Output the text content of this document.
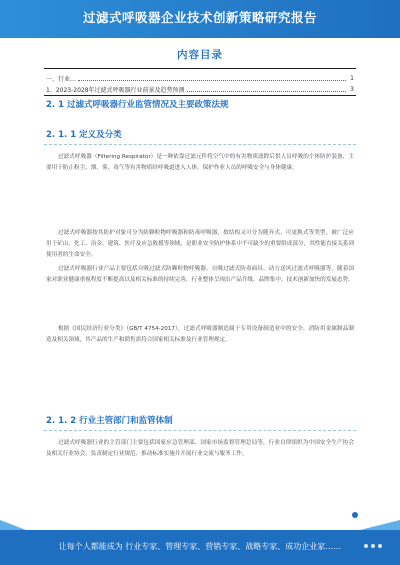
过滤式呼吸器企业技术创新策略研究报告
内容目录
一、行业…	1
1、2023-2028年过滤式呼吸器行业前景及趋势预测	3
2. 1 过滤式呼吸器行业监管情况及主要政策法规
2. 1. 1 定义及分类

过滤式呼吸器（Filtering Respirator）是一种依靠过滤元件将空气中的有害物质滤除后供人员呼吸的个体防护装备，主要用于防止粉尘、烟、雾、毒气等有害物质经呼吸道进入人体，保护作业人员的呼吸安全与身体健康。

过滤式呼吸器按其防护对象可分为防颗粒物呼吸器和防毒呼吸器，按结构又可分为随弃式、可更换式等类型，被广泛应用于矿山、化工、冶金、建筑、医疗及应急救援等领域，是职业安全防护体系中不可缺少的重要组成部分，其性能直接关系到使用者的生命安全。

过滤式呼吸器行业产品主要包括自吸过滤式防颗粒物呼吸器、自吸过滤式防毒面具、动力送风过滤式呼吸器等。随着国家对职业健康重视程度不断提高以及相关标准的持续完善，行业整体呈现出产品升级、品牌集中、技术创新加快的发展态势。

根据《国民经济行业分类》（GB/T 4754-2017），过滤式呼吸器制造属于专用设备制造业中的安全、消防用金属制品制造及相关领域，其产品的生产和销售需符合国家相关标准及行业管理规定。

2. 1. 2 行业主管部门和监管体制

过滤式呼吸器行业的主管部门主要包括国家应急管理部、国家市场监督管理总局等，行业自律组织为中国安全生产协会及相关行业协会，负责制定行业规范、推动标准实施并开展行业交流与服务工作。

让每个人都能成为 行业专家、管理专家、营销专家、战略专家、成功企业家……
